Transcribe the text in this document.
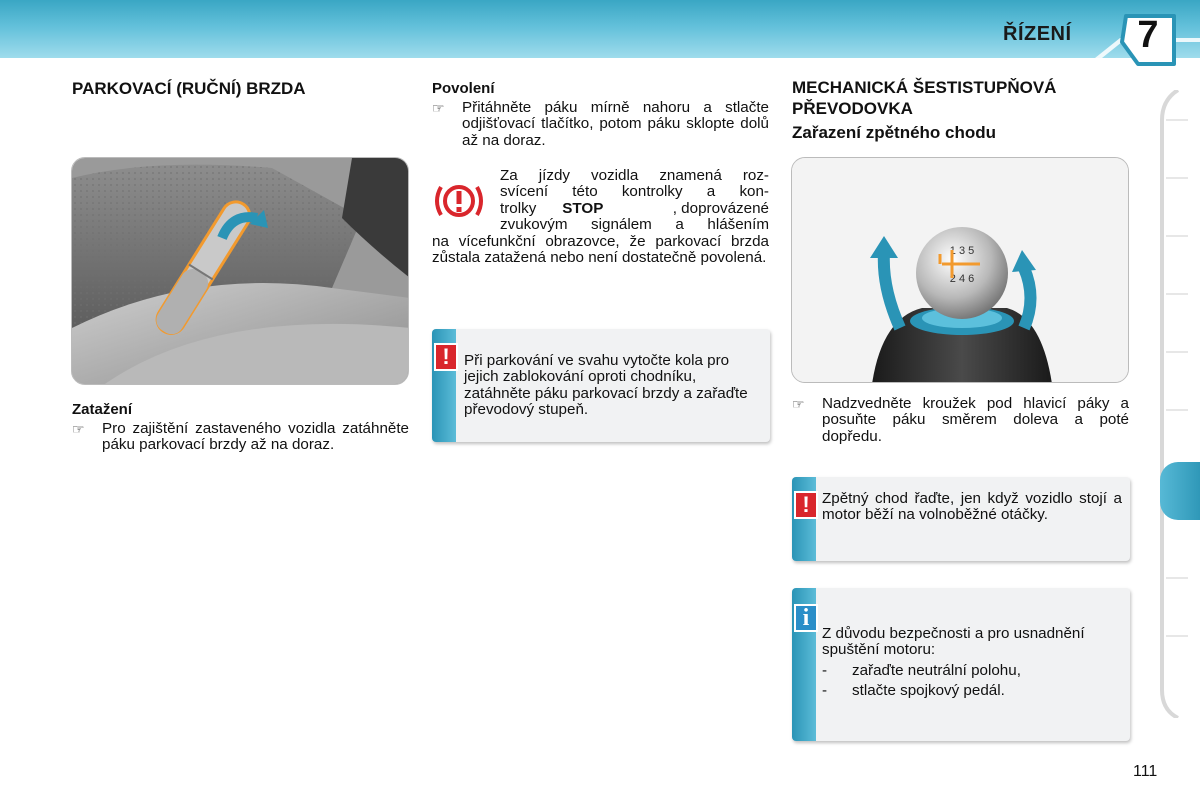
ŘÍZENÍ	7
PARKOVACÍ (RUČNÍ) BRZDA
Zatažení
☞	Pro zajištění zastaveného vozidla zatáhněte páku parkovací brzdy až na doraz.
Povolení
☞	Přitáhněte páku mírně nahoru a stlačte odjišťovací tlačítko, potom páku sklopte dolů až na doraz.
Za jízdy vozidla znamená roz-
svícení této kontrolky a kon-
trolky STOP	, doprovázené
zvukovým signálem a hlášením
na vícefunkční obrazovce, že parkovací brzda zůstala zatažená nebo není dostatečně povolená.
! Při parkování ve svahu vytočte kola pro jejich zablokování oproti chodníku, zatáhněte páku parkovací brzdy a zařaďte převodový stupeň.
MECHANICKÁ ŠESTISTUPŇOVÁ PŘEVODOVKA
Zařazení zpětného chodu
1 3 5
2 4 6
☞	Nadzvedněte kroužek pod hlavicí páky a posuňte páku směrem doleva a poté dopředu.
! Zpětný chod řaďte, jen když vozidlo stojí a motor běží na volnoběžné otáčky.
i
Z důvodu bezpečnosti a pro usnadnění spuštění motoru:
-	zařaďte neutrální polohu,
-	stlačte spojkový pedál.
111
